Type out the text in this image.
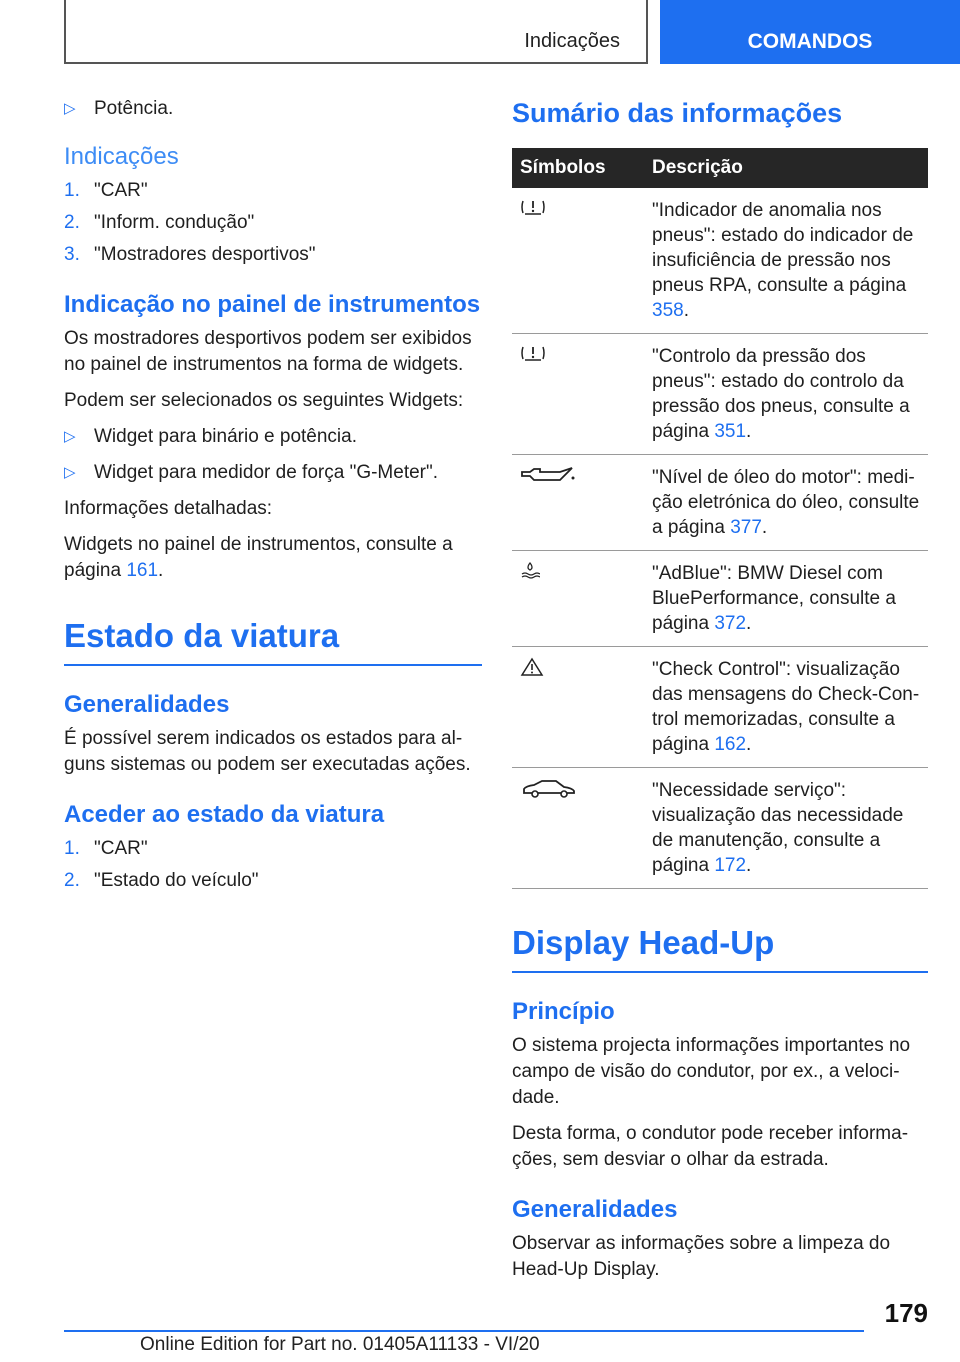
Indicações	COMANDOS
▷ Potência.
Indicações
1. "CAR"
2. "Inform. condução"
3. "Mostradores desportivos"
Indicação no painel de instrumentos
Os mostradores desportivos podem ser exibidos no painel de instrumentos na forma de widgets.
Podem ser selecionados os seguintes Widgets:
▷ Widget para binário e potência.
▷ Widget para medidor de força "G-Meter".
Informações detalhadas:
Widgets no painel de instrumentos, consulte a página 161.
Estado da viatura
Generalidades
É possível serem indicados os estados para alguns sistemas ou podem ser executadas ações.
Aceder ao estado da viatura
1. "CAR"
2. "Estado do veículo"
Sumário das informações
Símbolos	Descrição
	"Indicador de anomalia nos pneus": estado do indicador de insuficiência de pressão nos pneus RPA, consulte a página 358.
	"Controlo da pressão dos pneus": estado do controlo da pressão dos pneus, consulte a página 351.
	"Nível de óleo do motor": medição eletrónica do óleo, consulte a página 377.
	"AdBlue": BMW Diesel com BluePerformance, consulte a página 372.
	"Check Control": visualização das mensagens do Check-Control memorizadas, consulte a página 162.
	"Necessidade serviço": visualização das necessidade de manutenção, consulte a página 172.
Display Head-Up
Princípio
O sistema projecta informações importantes no campo de visão do condutor, por ex., a velocidade.
Desta forma, o condutor pode receber informações, sem desviar o olhar da estrada.
Generalidades
Observar as informações sobre a limpeza do Head-Up Display.
179
Online Edition for Part no. 01405A11133 - VI/20
